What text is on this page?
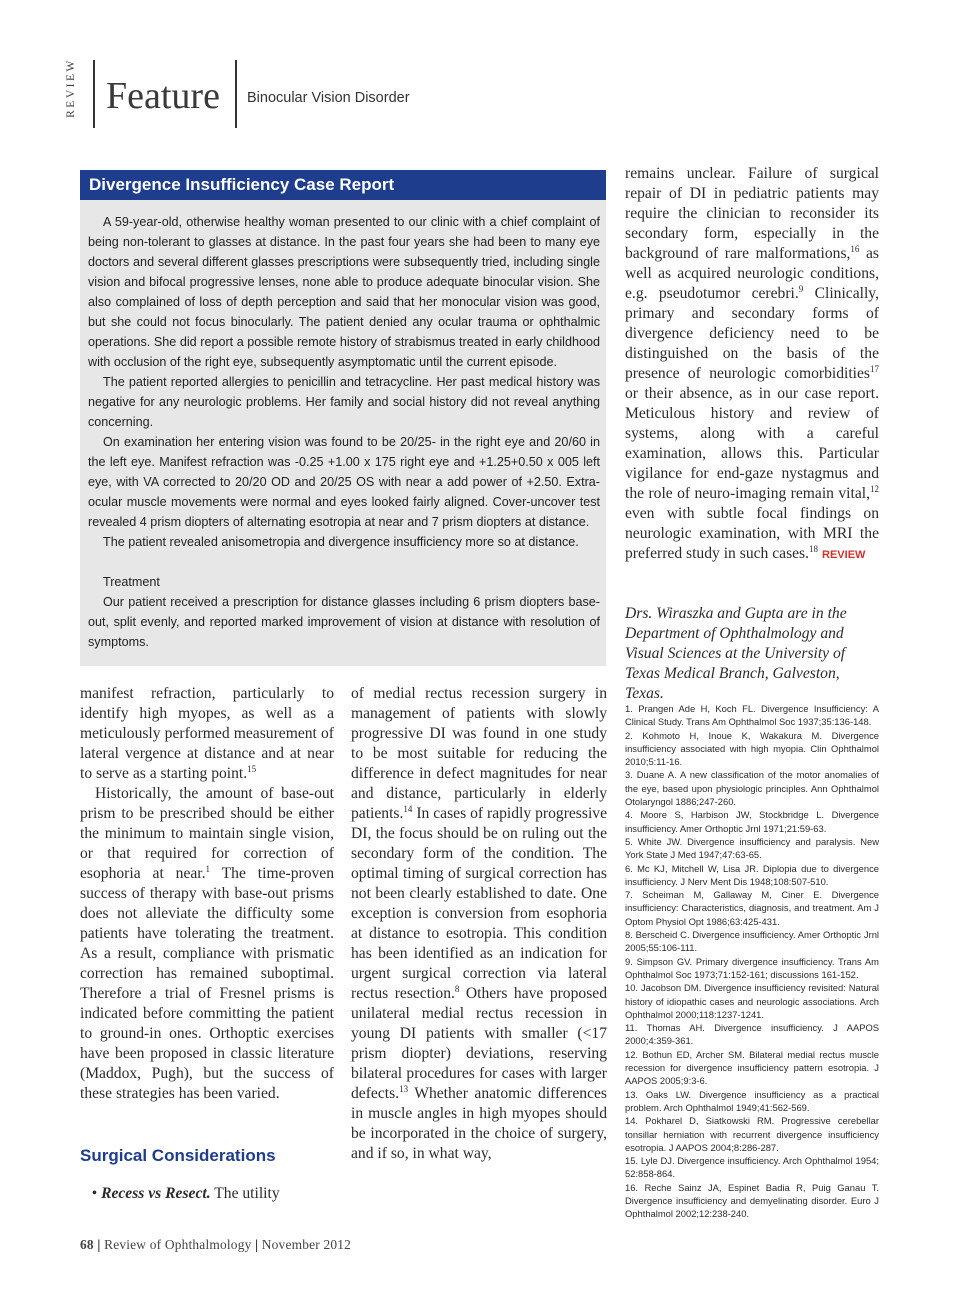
REVIEW Feature Binocular Vision Disorder
Divergence Insufficiency Case Report

A 59-year-old, otherwise healthy woman presented to our clinic with a chief complaint of being non-tolerant to glasses at distance. In the past four years she had been to many eye doctors and several different glasses prescriptions were subsequently tried, including single vision and bifocal progressive lenses, none able to produce adequate binocular vision. She also complained of loss of depth perception and said that her monocular vision was good, but she could not focus binocularly. The patient denied any ocular trauma or ophthalmic operations. She did report a possible remote history of strabismus treated in early childhood with occlusion of the right eye, subsequently asymptomatic until the current episode.

The patient reported allergies to penicillin and tetracycline. Her past medical history was negative for any neurologic problems. Her family and social history did not reveal anything concerning.

On examination her entering vision was found to be 20/25- in the right eye and 20/60 in the left eye. Manifest refraction was -0.25 +1.00 x 175 right eye and +1.25+0.50 x 005 left eye, with VA corrected to 20/20 OD and 20/25 OS with near a add power of +2.50. Extra-ocular muscle movements were normal and eyes looked fairly aligned. Cover-uncover test revealed 4 prism diopters of alternating esotropia at near and 7 prism diopters at distance.

The patient revealed anisometropia and divergence insufficiency more so at distance.

Treatment

Our patient received a prescription for distance glasses including 6 prism diopters base-out, split evenly, and reported marked improvement of vision at distance with resolution of symptoms.

manifest refraction, particularly to identify high myopes, as well as a meticulously performed measurement of lateral vergence at distance and at near to serve as a starting point.$^{15}$

Historically, the amount of base-out prism to be prescribed should be either the minimum to maintain single vision, or that required for correction of esophoria at near.$^1$ The time-proven success of therapy with base-out prisms does not alleviate the difficulty some patients have tolerating the treatment. As a result, compliance with prismatic correction has remained suboptimal. Therefore a trial of Fresnel prisms is indicated before committing the patient to ground-in ones. Orthoptic exercises have been proposed in classic literature (Maddox, Pugh), but the success of these strategies has been varied.

Surgical Considerations
• Recess vs Resect. The utility

of medial rectus recession surgery in management of patients with slowly progressive DI was found in one study to be most suitable for reducing the difference in defect magnitudes for near and distance, particularly in elderly patients.$^{14}$ In cases of rapidly progressive DI, the focus should be on ruling out the secondary form of the condition. The optimal timing of surgical correction has not been clearly established to date. One exception is conversion from esophoria at distance to esotropia. This condition has been identified as an indication for urgent surgical correction via lateral rectus resection.$^8$ Others have proposed unilateral medial rectus recession in young DI patients with smaller (<17 prism diopter) deviations, reserving bilateral procedures for cases with larger defects.$^{13}$ Whether anatomic differences in muscle angles in high myopes should be incorporated in the choice of surgery, and if so, in what way,

remains unclear. Failure of surgical repair of DI in pediatric patients may require the clinician to reconsider its secondary form, especially in the background of rare malformations,$^{16}$ as well as acquired neurologic conditions, e.g. pseudotumor cerebri.$^9$ Clinically, primary and secondary forms of divergence deficiency need to be distinguished on the basis of the presence of neurologic comorbidities$^{17}$ or their absence, as in our case report. Meticulous history and review of systems, along with a careful examination, allows this. Particular vigilance for end-gaze nystagmus and the role of neuro-imaging remain vital,$^{12}$ even with subtle focal findings on neurologic examination, with MRI the preferred study in such cases.$^{18}$REVIEW

Drs. Wiraszka and Gupta are in the Department of Ophthalmology and Visual Sciences at the University of Texas Medical Branch, Galveston, Texas.
1. Prangen Ade H, Koch FL. Divergence Insufficiency: A Clinical Study. Trans Am Ophthalmol Soc 1937;35:136-148.
2. Kohmoto H, Inoue K, Wakakura M. Divergence insufficiency associated with high myopia. Clin Ophthalmol 2010;5:11-16.
3. Duane A. A new classification of the motor anomalies of the eye, based upon physiologic principles. Ann Ophthalmol Otolaryngol 1886;247-260.
4. Moore S, Harbison JW, Stockbridge L. Divergence insufficiency. Amer Orthoptic Jrnl 1971;21:59-63.
5. White JW. Divergence insufficiency and paralysis. New York State J Med 1947;47:63-65.
6. Mc KJ, Mitchell W, Lisa JR. Diplopia due to divergence insufficiency. J Nerv Ment Dis 1948;108:507-510.
7. Scheiman M, Gallaway M, Ciner E. Divergence insufficiency: Characteristics, diagnosis, and treatment. Am J Optom Physiol Opt 1986;63:425-431.
8. Berscheid C. Divergence insufficiency. Amer Orthoptic Jrnl 2005;55:106-111.
9. Simpson GV. Primary divergence insufficiency. Trans Am Ophthalmol Soc 1973;71:152-161; discussions 161-152.
10. Jacobson DM. Divergence insufficiency revisited: Natural history of idiopathic cases and neurologic associations. Arch Ophthalmol 2000;118:1237-1241.
11. Thomas AH. Divergence insufficiency. J AAPOS 2000;4:359-361.
12. Bothun ED, Archer SM. Bilateral medial rectus muscle recession for divergence insufficiency pattern esotropia. J AAPOS 2005;9:3-6.
13. Oaks LW. Divergence insufficiency as a practical problem. Arch Ophthalmol 1949;41:562-569.
14. Pokharel D, Siatkowski RM. Progressive cerebellar tonsillar herniation with recurrent divergence insufficiency esotropia. J AAPOS 2004;8:286-287.
15. Lyle DJ. Divergence insufficiency. Arch Ophthalmol 1954; 52:858-864.
16. Reche Sainz JA, Espinet Badia R, Puig Ganau T. Divergence insufficiency and demyelinating disorder. Euro J Ophthalmol 2002;12:238-240.
68 | Review of Ophthalmology | November 2012
